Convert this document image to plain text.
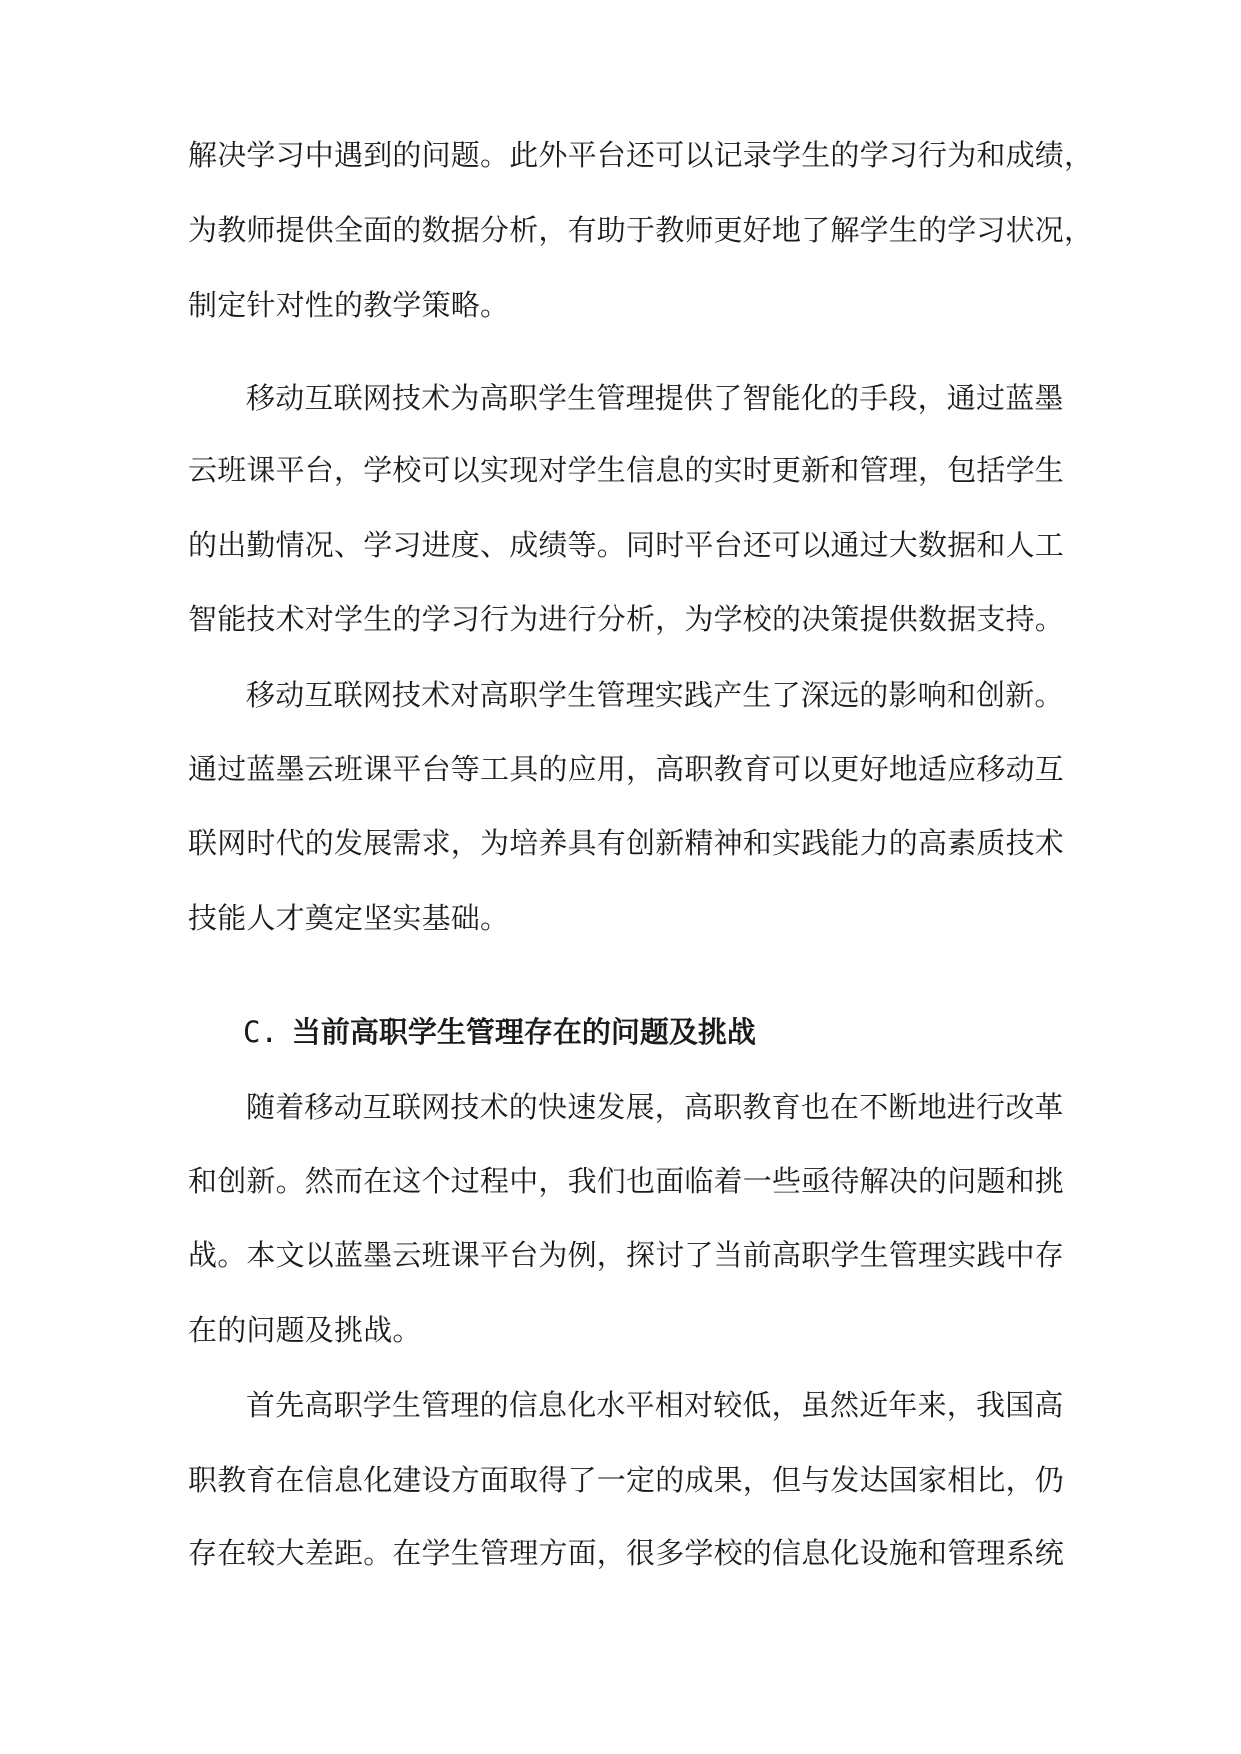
解决学习中遇到的问题。此外平台还可以记录学生的学习行为和成绩，
为教师提供全面的数据分析，有助于教师更好地了解学生的学习状况，
制定针对性的教学策略。
移动互联网技术为高职学生管理提供了智能化的手段，通过蓝墨
云班课平台，学校可以实现对学生信息的实时更新和管理，包括学生
的出勤情况、学习进度、成绩等。同时平台还可以通过大数据和人工
智能技术对学生的学习行为进行分析，为学校的决策提供数据支持。
移动互联网技术对高职学生管理实践产生了深远的影响和创新。
通过蓝墨云班课平台等工具的应用，高职教育可以更好地适应移动互
联网时代的发展需求，为培养具有创新精神和实践能力的高素质技术
技能人才奠定坚实基础。
C. 当前高职学生管理存在的问题及挑战
随着移动互联网技术的快速发展，高职教育也在不断地进行改革
和创新。然而在这个过程中，我们也面临着一些亟待解决的问题和挑
战。本文以蓝墨云班课平台为例，探讨了当前高职学生管理实践中存
在的问题及挑战。
首先高职学生管理的信息化水平相对较低，虽然近年来，我国高
职教育在信息化建设方面取得了一定的成果，但与发达国家相比，仍
存在较大差距。在学生管理方面，很多学校的信息化设施和管理系统
